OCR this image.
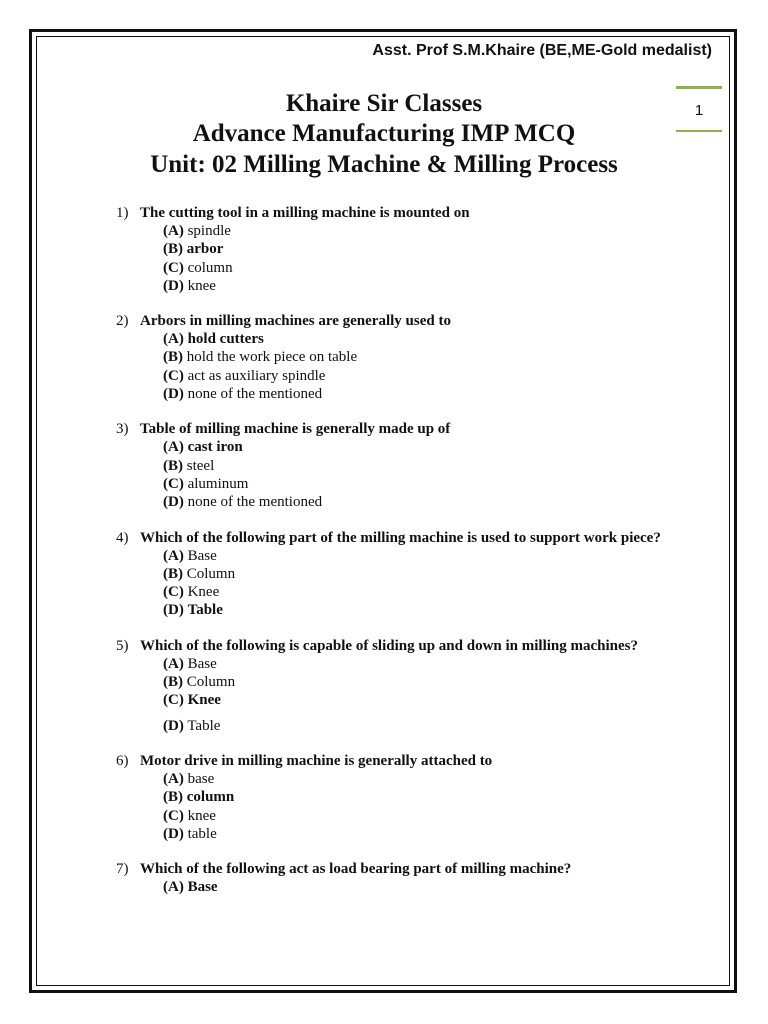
Asst. Prof S.M.Khaire (BE,ME-Gold medalist)
1
Khaire Sir Classes
Advance Manufacturing IMP MCQ
Unit: 02 Milling Machine & Milling Process
1) The cutting tool in a milling machine is mounted on
(A) spindle
(B) arbor
(C) column
(D) knee
2) Arbors in milling machines are generally used to
(A) hold cutters
(B) hold the work piece on table
(C) act as auxiliary spindle
(D) none of the mentioned
3) Table of milling machine is generally made up of
(A) cast iron
(B) steel
(C) aluminum
(D) none of the mentioned
4) Which of the following part of the milling machine is used to support work piece?
(A) Base
(B) Column
(C) Knee
(D) Table
5) Which of the following is capable of sliding up and down in milling machines?
(A) Base
(B) Column
(C) Knee
(D) Table
6) Motor drive in milling machine is generally attached to
(A) base
(B) column
(C) knee
(D) table
7) Which of the following act as load bearing part of milling machine?
(A) Base
